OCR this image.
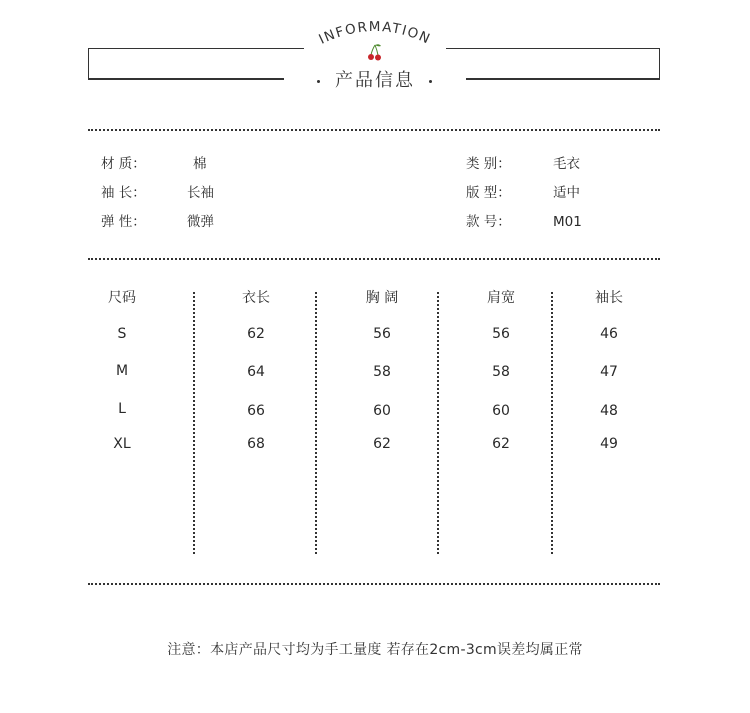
INFORMATION
产品信息
材 质：	棉
袖 长：	长袖
弹 性：	微弹
类 别：	毛衣
版 型：	适中
款 号：	M01
尺码	衣长	胸 阔	肩宽	袖长
S	62	56	56	46
M	64	58	58	47
L	66	60	60	48
XL	68	62	62	49
注意：本店产品尺寸均为手工量度 若存在2cm-3cm误差均属正常
